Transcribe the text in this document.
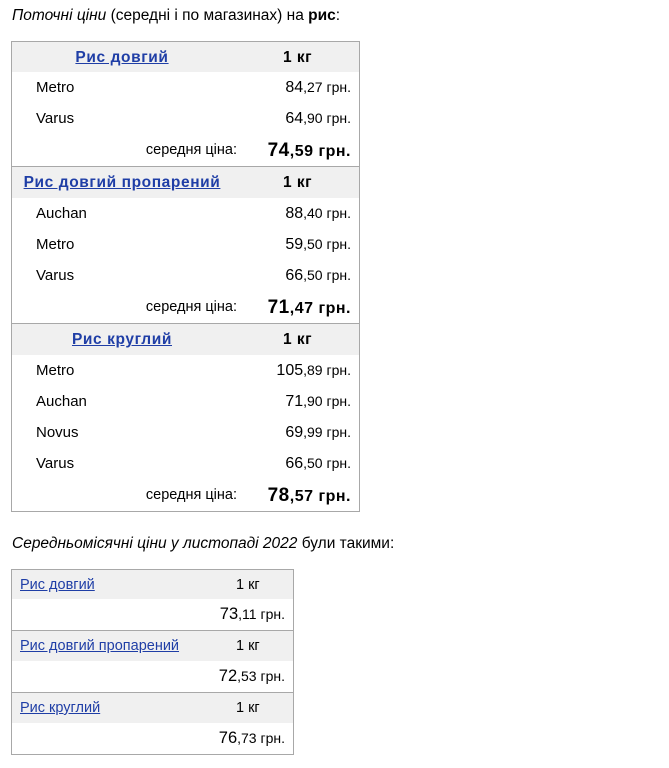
Поточні ціни (середні і по магазинах) на рис:

Рис довгий	1 кг
Metro	84,27 грн.
Varus	64,90 грн.
середня ціна: 74,59 грн.
Рис довгий пропарений	1 кг
Auchan	88,40 грн.
Metro	59,50 грн.
Varus	66,50 грн.
середня ціна: 71,47 грн.
Рис круглий	1 кг
Metro	105,89 грн.
Auchan	71,90 грн.
Novus	69,99 грн.
Varus	66,50 грн.
середня ціна: 78,57 грн.

Середньомісячні ціни у листопаді 2022 були такими:

Рис довгий	1 кг
73,11 грн.
Рис довгий пропарений	1 кг
72,53 грн.
Рис круглий	1 кг
76,73 грн.
